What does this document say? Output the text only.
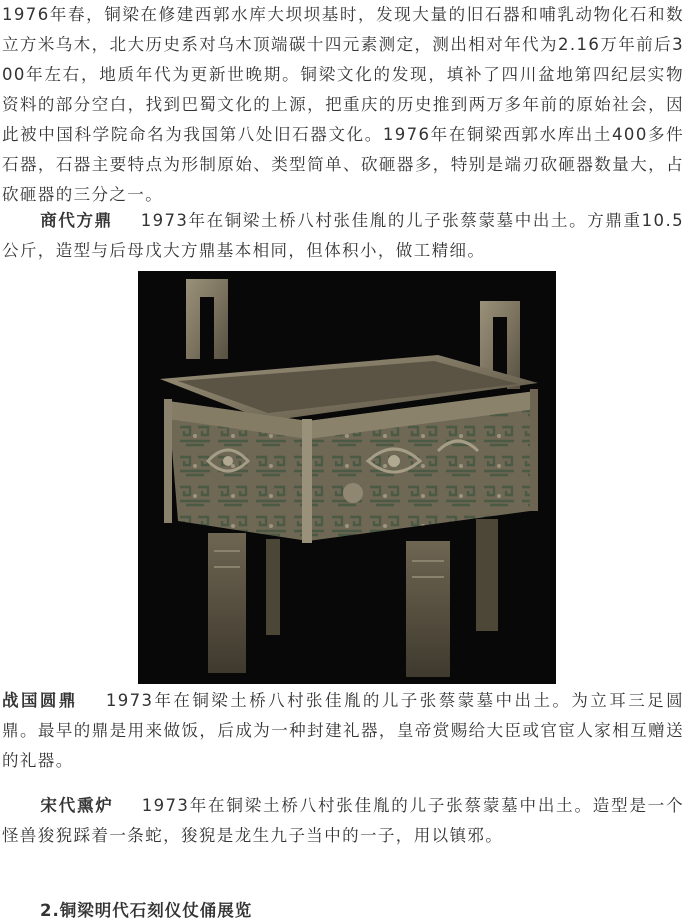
1976年春，铜梁在修建西郭水库大坝坝基时，发现大量的旧石器和哺乳动物化石和数立方米乌木，北大历史系对乌木顶端碳十四元素测定，测出相对年代为2.16万年前后300年左右，地质年代为更新世晚期。铜梁文化的发现，填补了四川盆地第四纪层实物资料的部分空白，找到巴蜀文化的上源，把重庆的历史推到两万多年前的原始社会，因此被中国科学院命名为我国第八处旧石器文化。1976年在铜梁西郭水库出土400多件石器，石器主要特点为形制原始、类型简单、砍砸器多，特别是端刃砍砸器数量大，占砍砸器的三分之一。

商代方鼎 1973年在铜梁土桥八村张佳胤的儿子张蔡蒙墓中出土。方鼎重10.5公斤，造型与后母戊大方鼎基本相同，但体积小，做工精细。

战国圆鼎 1973年在铜梁土桥八村张佳胤的儿子张蔡蒙墓中出土。为立耳三足圆鼎。最早的鼎是用来做饭，后成为一种封建礼器，皇帝赏赐给大臣或官宦人家相互赠送的礼器。

宋代熏炉 1973年在铜梁土桥八村张佳胤的儿子张蔡蒙墓中出土。造型是一个怪兽狻猊踩着一条蛇，狻猊是龙生九子当中的一子，用以镇邪。

2.铜梁明代石刻仪仗俑展览
